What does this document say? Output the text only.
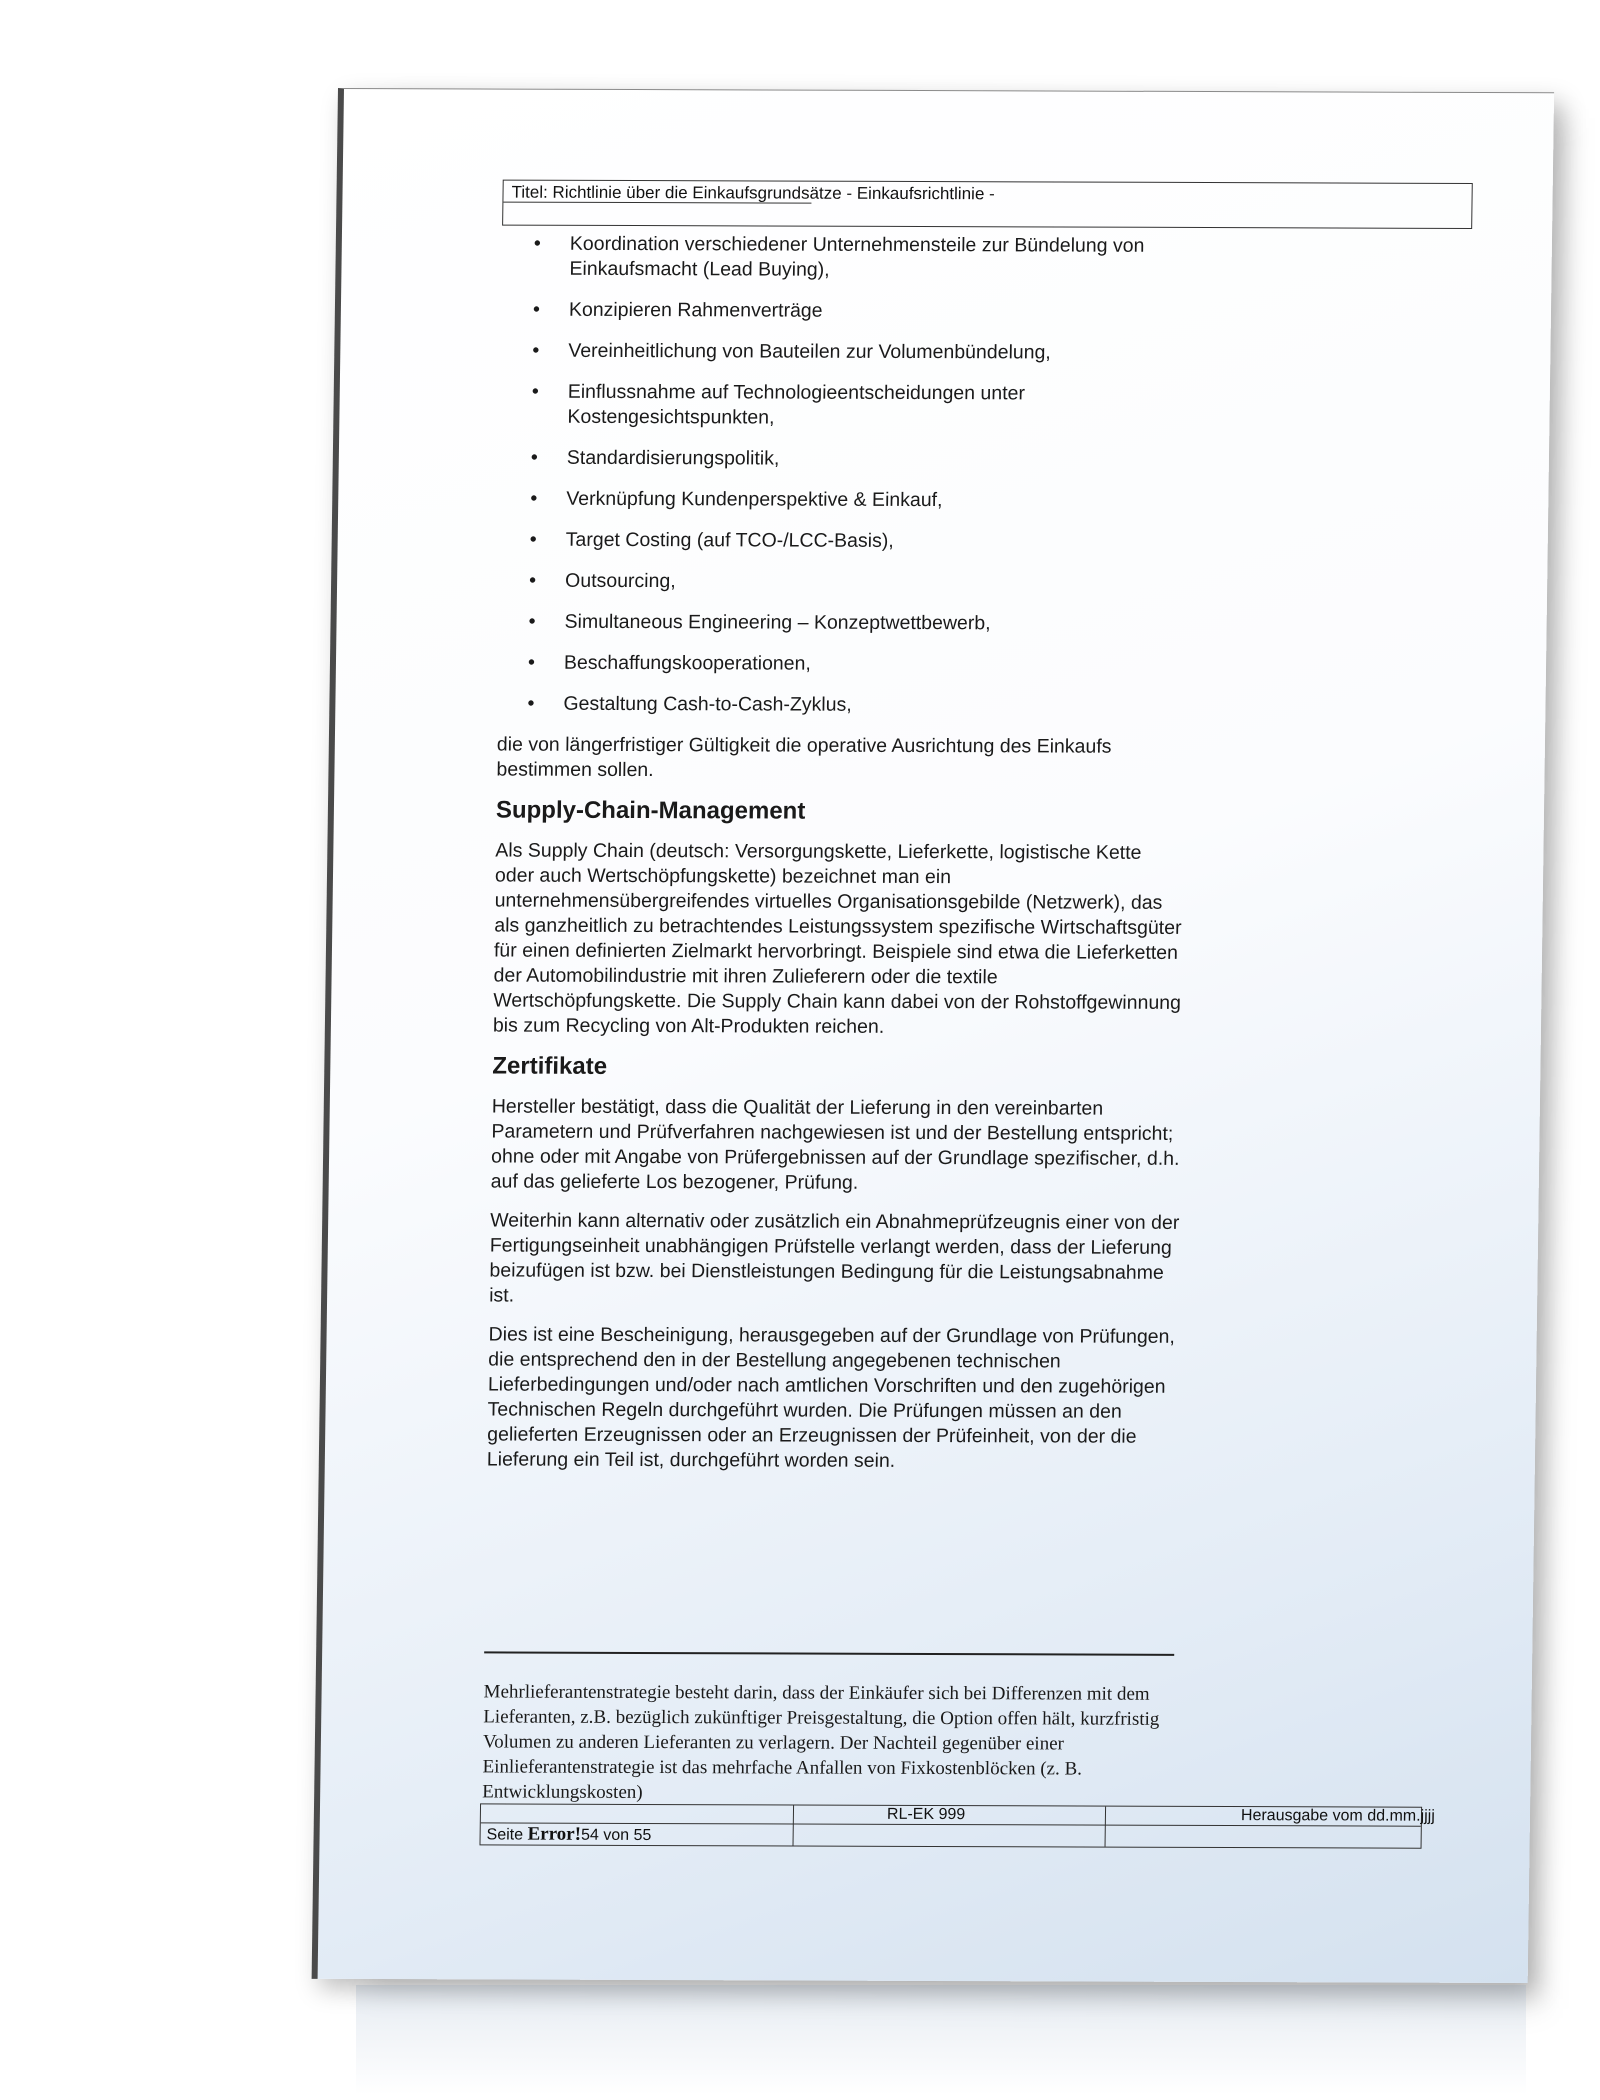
Titel: Richtlinie über die Einkaufsgrundsätze - Einkaufsrichtlinie -
• Koordination verschiedener Unternehmensteile zur Bündelung von Einkaufsmacht (Lead Buying),
• Konzipieren Rahmenverträge
• Vereinheitlichung von Bauteilen zur Volumenbündelung,
• Einflussnahme auf Technologieentscheidungen unter Kostengesichtspunkten,
• Standardisierungspolitik,
• Verknüpfung Kundenperspektive & Einkauf,
• Target Costing (auf TCO-/LCC-Basis),
• Outsourcing,
• Simultaneous Engineering – Konzeptwettbewerb,
• Beschaffungskooperationen,
• Gestaltung Cash-to-Cash-Zyklus,

die von längerfristiger Gültigkeit die operative Ausrichtung des Einkaufs bestimmen sollen.

Supply-Chain-Management

Als Supply Chain (deutsch: Versorgungskette, Lieferkette, logistische Kette oder auch Wertschöpfungskette) bezeichnet man ein unternehmensübergreifendes virtuelles Organisationsgebilde (Netzwerk), das als ganzheitlich zu betrachtendes Leistungssystem spezifische Wirtschaftsgüter für einen definierten Zielmarkt hervorbringt. Beispiele sind etwa die Lieferketten der Automobilindustrie mit ihren Zulieferern oder die textile Wertschöpfungskette. Die Supply Chain kann dabei von der Rohstoffgewinnung bis zum Recycling von Alt-Produkten reichen.

Zertifikate

Hersteller bestätigt, dass die Qualität der Lieferung in den vereinbarten Parametern und Prüfverfahren nachgewiesen ist und der Bestellung entspricht; ohne oder mit Angabe von Prüfergebnissen auf der Grundlage spezifischer, d.h. auf das gelieferte Los bezogener, Prüfung.

Weiterhin kann alternativ oder zusätzlich ein Abnahmeprüfzeugnis einer von der Fertigungseinheit unabhängigen Prüfstelle verlangt werden, dass der Lieferung beizufügen ist bzw. bei Dienstleistungen Bedingung für die Leistungsabnahme ist.

Dies ist eine Bescheinigung, herausgegeben auf der Grundlage von Prüfungen, die entsprechend den in der Bestellung angegebenen technischen Lieferbedingungen und/oder nach amtlichen Vorschriften und den zugehörigen Technischen Regeln durchgeführt wurden. Die Prüfungen müssen an den gelieferten Erzeugnissen oder an Erzeugnissen der Prüfeinheit, von der die Lieferung ein Teil ist, durchgeführt worden sein.

Mehrlieferantenstrategie besteht darin, dass der Einkäufer sich bei Differenzen mit dem Lieferanten, z.B. bezüglich zukünftiger Preisgestaltung, die Option offen hält, kurzfristig Volumen zu anderen Lieferanten zu verlagern. Der Nachteil gegenüber einer Einlieferantenstrategie ist das mehrfache Anfallen von Fixkostenblöcken (z. B. Entwicklungskosten)
RL-EK 999	Herausgabe vom dd.mm.jjjj
Seite Error!54 von 55
